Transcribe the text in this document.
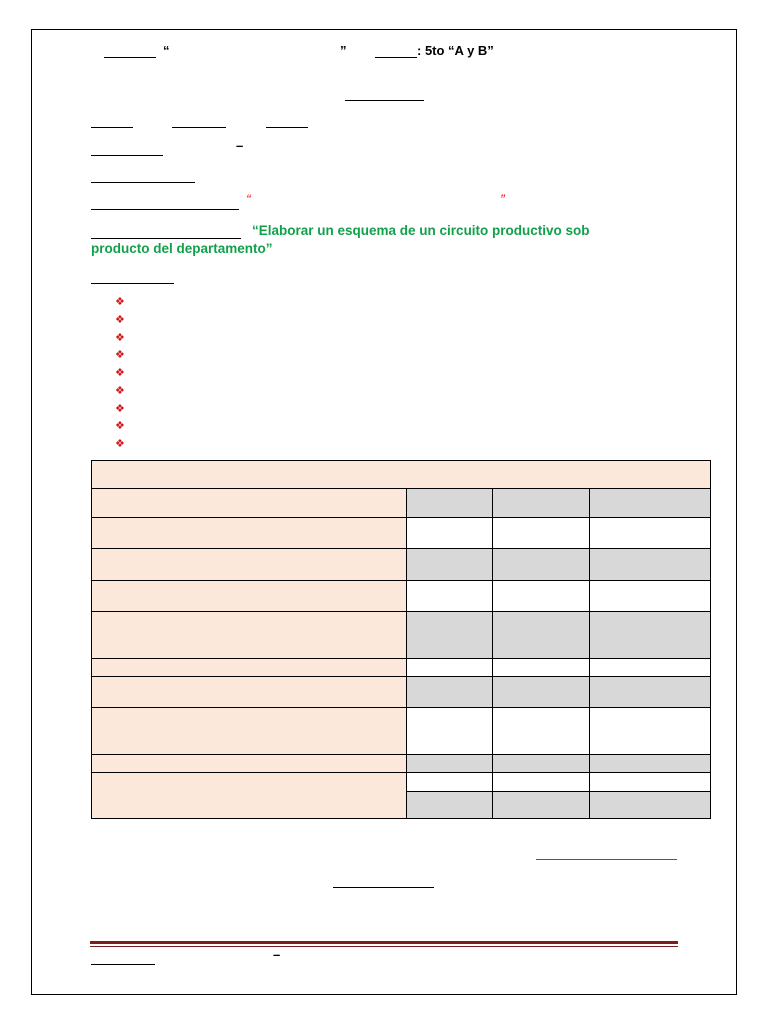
“	”	: 5to “A y B”
–
“	”
“Elaborar un esquema de un circuito productivo sob producto del departamento”
❖
❖
❖
❖
❖
❖
❖
❖
❖

–
